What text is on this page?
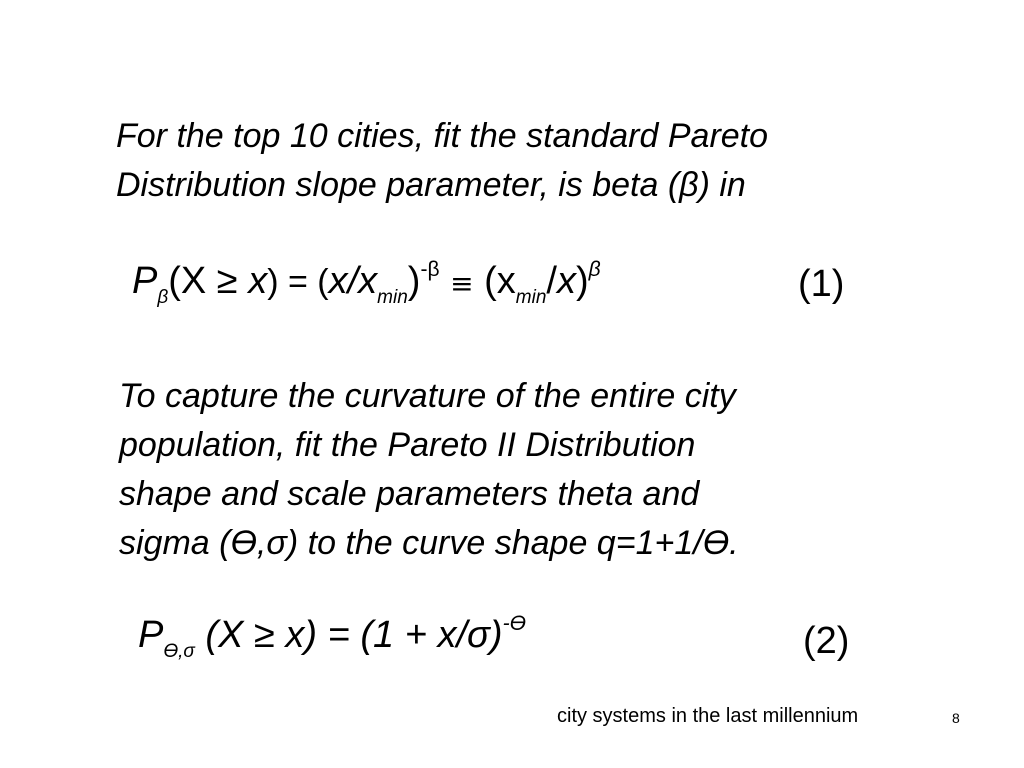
For the top 10 cities, fit the standard Pareto
Distribution slope parameter, is beta (β) in
$P_\beta(X \ge x) = (x/x_{min})^{-\beta} \equiv (x_{min}/x)^\beta$	(1)
To capture the curvature of the entire city
population, fit the Pareto II Distribution
shape and scale parameters theta and
sigma (Ɵ,σ) to the curve shape q=1+1/Ɵ.
$P_{Ɵ,\sigma}$ $(X \ge x) = (1 + x/\sigma)^{-Ɵ}$	(2)
city systems in the last millennium	8
